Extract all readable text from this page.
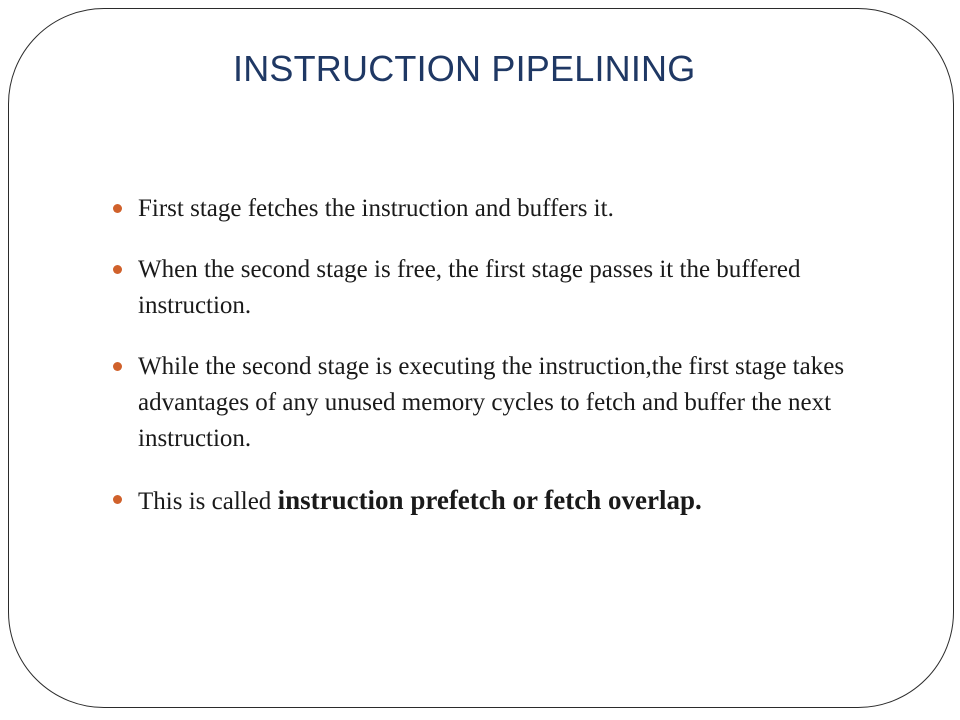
INSTRUCTION PIPELINING
First stage fetches the instruction and buffers it.
When the second stage is free, the first stage passes it the buffered instruction.
While the second stage is executing the instruction,the first stage takes advantages of any unused memory cycles to fetch and buffer the next instruction.
This is called instruction prefetch or fetch overlap.
